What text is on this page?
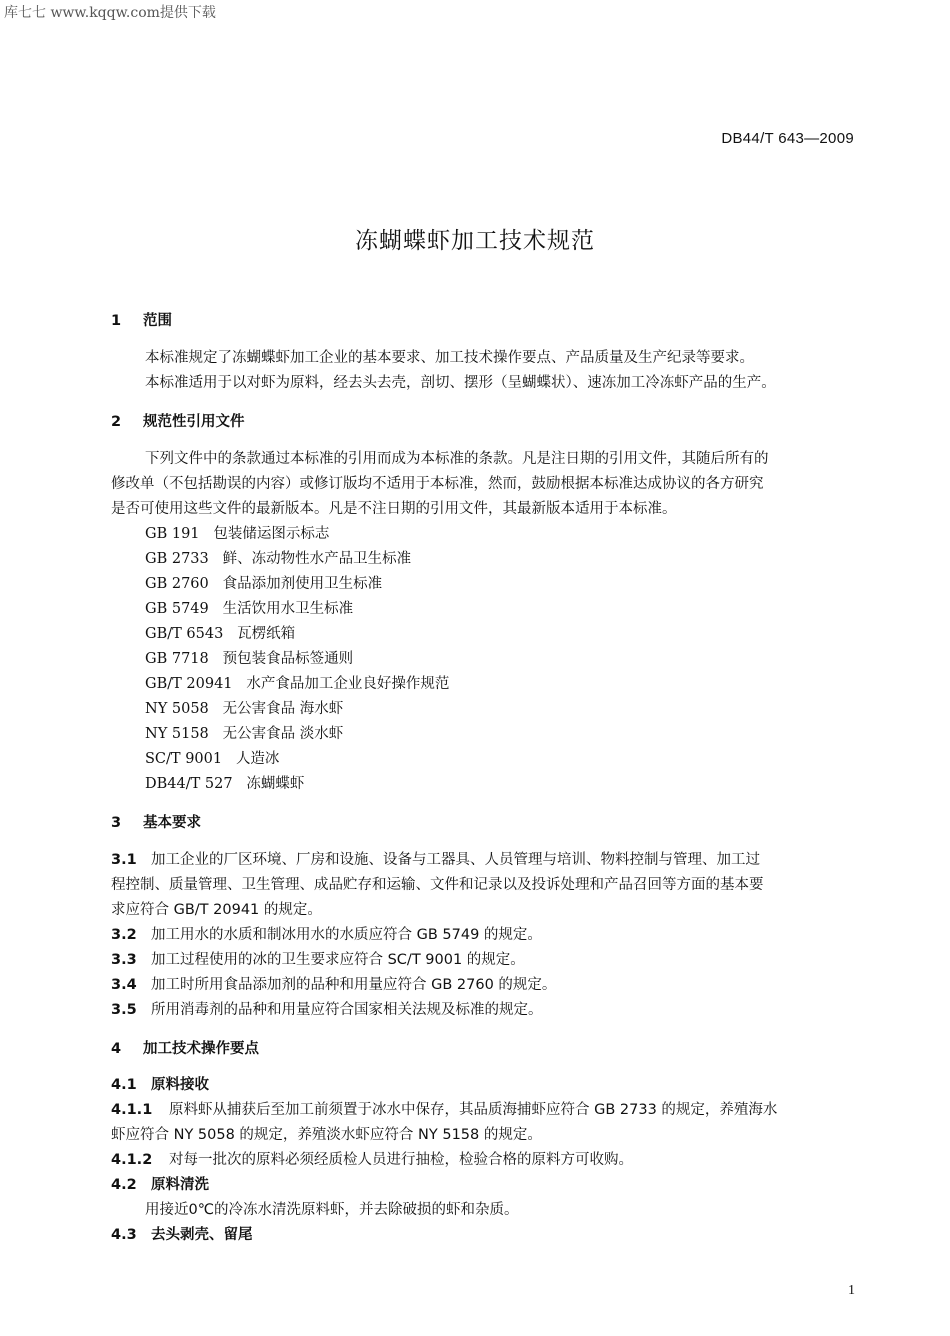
库七七 www.kqqw.com提供下载
DB44/T 643—2009
冻蝴蝶虾加工技术规范
1 范围
本标准规定了冻蝴蝶虾加工企业的基本要求、加工技术操作要点、产品质量及生产纪录等要求。
本标准适用于以对虾为原料，经去头去壳，剖切、摆形（呈蝴蝶状）、速冻加工冷冻虾产品的生产。
2 规范性引用文件
下列文件中的条款通过本标准的引用而成为本标准的条款。凡是注日期的引用文件，其随后所有的
修改单（不包括勘误的内容）或修订版均不适用于本标准，然而，鼓励根据本标准达成协议的各方研究
是否可使用这些文件的最新版本。凡是不注日期的引用文件，其最新版本适用于本标准。
GB 191 包装储运图示标志
GB 2733 鲜、冻动物性水产品卫生标准
GB 2760 食品添加剂使用卫生标准
GB 5749 生活饮用水卫生标准
GB/T 6543 瓦楞纸箱
GB 7718 预包装食品标签通则
GB/T 20941 水产食品加工企业良好操作规范
NY 5058 无公害食品 海水虾
NY 5158 无公害食品 淡水虾
SC/T 9001 人造冰
DB44/T 527 冻蝴蝶虾
3 基本要求
3.1 加工企业的厂区环境、厂房和设施、设备与工器具、人员管理与培训、物料控制与管理、加工过
程控制、质量管理、卫生管理、成品贮存和运输、文件和记录以及投诉处理和产品召回等方面的基本要
求应符合 GB/T 20941 的规定。
3.2 加工用水的水质和制冰用水的水质应符合 GB 5749 的规定。
3.3 加工过程使用的冰的卫生要求应符合 SC/T 9001 的规定。
3.4 加工时所用食品添加剂的品种和用量应符合 GB 2760 的规定。
3.5 所用消毒剂的品种和用量应符合国家相关法规及标准的规定。
4 加工技术操作要点
4.1 原料接收
4.1.1 原料虾从捕获后至加工前须置于冰水中保存，其品质海捕虾应符合 GB 2733 的规定，养殖海水
虾应符合 NY 5058 的规定，养殖淡水虾应符合 NY 5158 的规定。
4.1.2 对每一批次的原料必须经质检人员进行抽检，检验合格的原料方可收购。
4.2 原料清洗
用接近0℃的冷冻水清洗原料虾，并去除破损的虾和杂质。
4.3 去头剥壳、留尾
1
